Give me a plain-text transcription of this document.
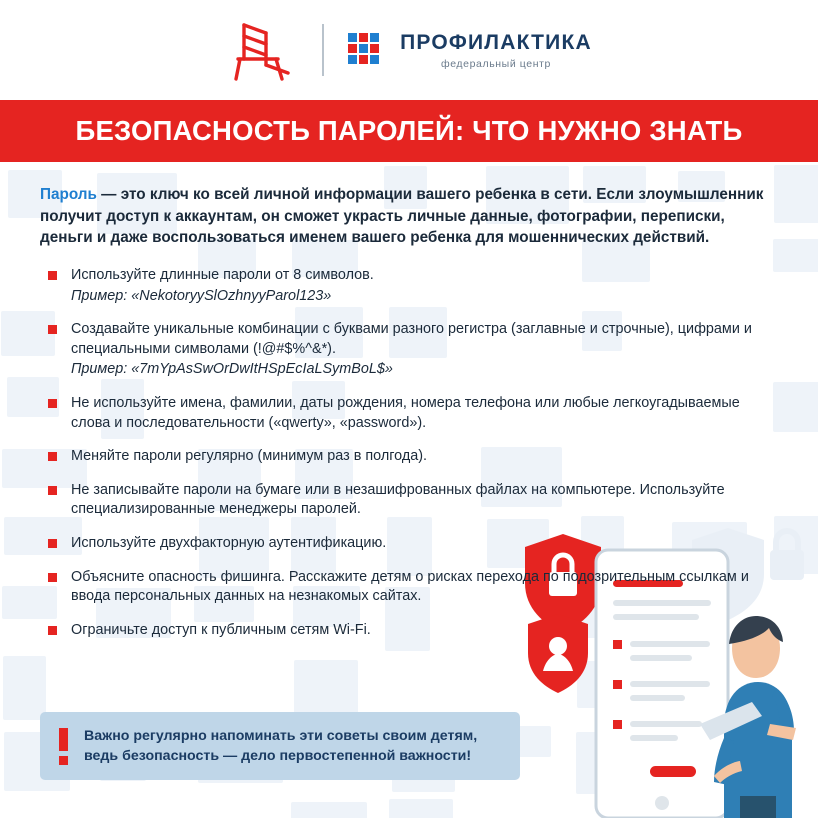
ПРОФИЛАКТИКА
федеральный центр
БЕЗОПАСНОСТЬ ПАРОЛЕЙ: ЧТО НУЖНО ЗНАТЬ

Пароль — это ключ ко всей личной информации вашего ребенка в сети. Если злоумышленник получит доступ к аккаунтам, он сможет украсть личные данные, фотографии, переписки, деньги и даже воспользоваться именем вашего ребенка для мошеннических действий.

Используйте длинные пароли от 8 символов.
Пример: «NekotoryySlOzhnyyParol123»
Создавайте уникальные комбинации с буквами разного регистра (заглавные и строчные), цифрами и специальными символами (!@#$%^&*).
Пример: «7mYpAsSwOrDwItHSpEcIaLSymBoL$»
Не используйте имена, фамилии, даты рождения, номера телефона или любые легкоугадываемые слова и последовательности («qwerty», «password»).
Меняйте пароли регулярно (минимум раз в полгода).
Не записывайте пароли на бумаге или в незашифрованных файлах на компьютере. Используйте специализированные менеджеры паролей.
Используйте двухфакторную аутентификацию.
Объясните опасность фишинга. Расскажите детям о рисках перехода по подозрительным ссылкам и ввода персональных данных на незнакомых сайтах.
Ограничьте доступ к публичным сетям Wi-Fi.

Важно регулярно напоминать эти советы своим детям, ведь безопасность — дело первостепенной важности!
